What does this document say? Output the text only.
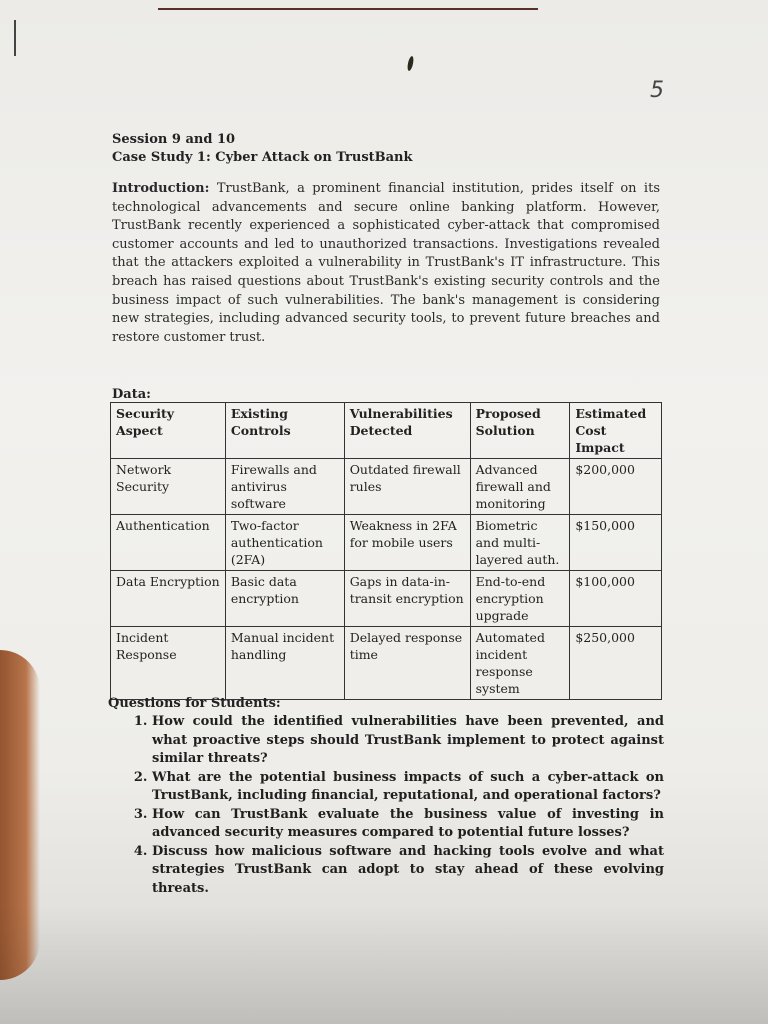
5
Session 9 and 10
Case Study 1: Cyber Attack on TrustBank
Introduction: TrustBank, a prominent financial institution, prides itself on its technological advancements and secure online banking platform. However, TrustBank recently experienced a sophisticated cyber-attack that compromised customer accounts and led to unauthorized transactions. Investigations revealed that the attackers exploited a vulnerability in TrustBank's IT infrastructure. This breach has raised questions about TrustBank's existing security controls and the business impact of such vulnerabilities. The bank's management is considering new strategies, including advanced security tools, to prevent future breaches and restore customer trust.
Data:
Security Aspect	Existing Controls	Vulnerabilities Detected	Proposed Solution	Estimated Cost Impact
Network Security	Firewalls and antivirus software	Outdated firewall rules	Advanced firewall and monitoring	$200,000
Authentication	Two-factor authentication (2FA)	Weakness in 2FA for mobile users	Biometric and multi-layered auth.	$150,000
Data Encryption	Basic data encryption	Gaps in data-in-transit encryption	End-to-end encryption upgrade	$100,000
Incident Response	Manual incident handling	Delayed response time	Automated incident response system	$250,000
Questions for Students:
1. How could the identified vulnerabilities have been prevented, and what proactive steps should TrustBank implement to protect against similar threats?
2. What are the potential business impacts of such a cyber-attack on TrustBank, including financial, reputational, and operational factors?
3. How can TrustBank evaluate the business value of investing in advanced security measures compared to potential future losses?
4. Discuss how malicious software and hacking tools evolve and what strategies TrustBank can adopt to stay ahead of these evolving threats.
